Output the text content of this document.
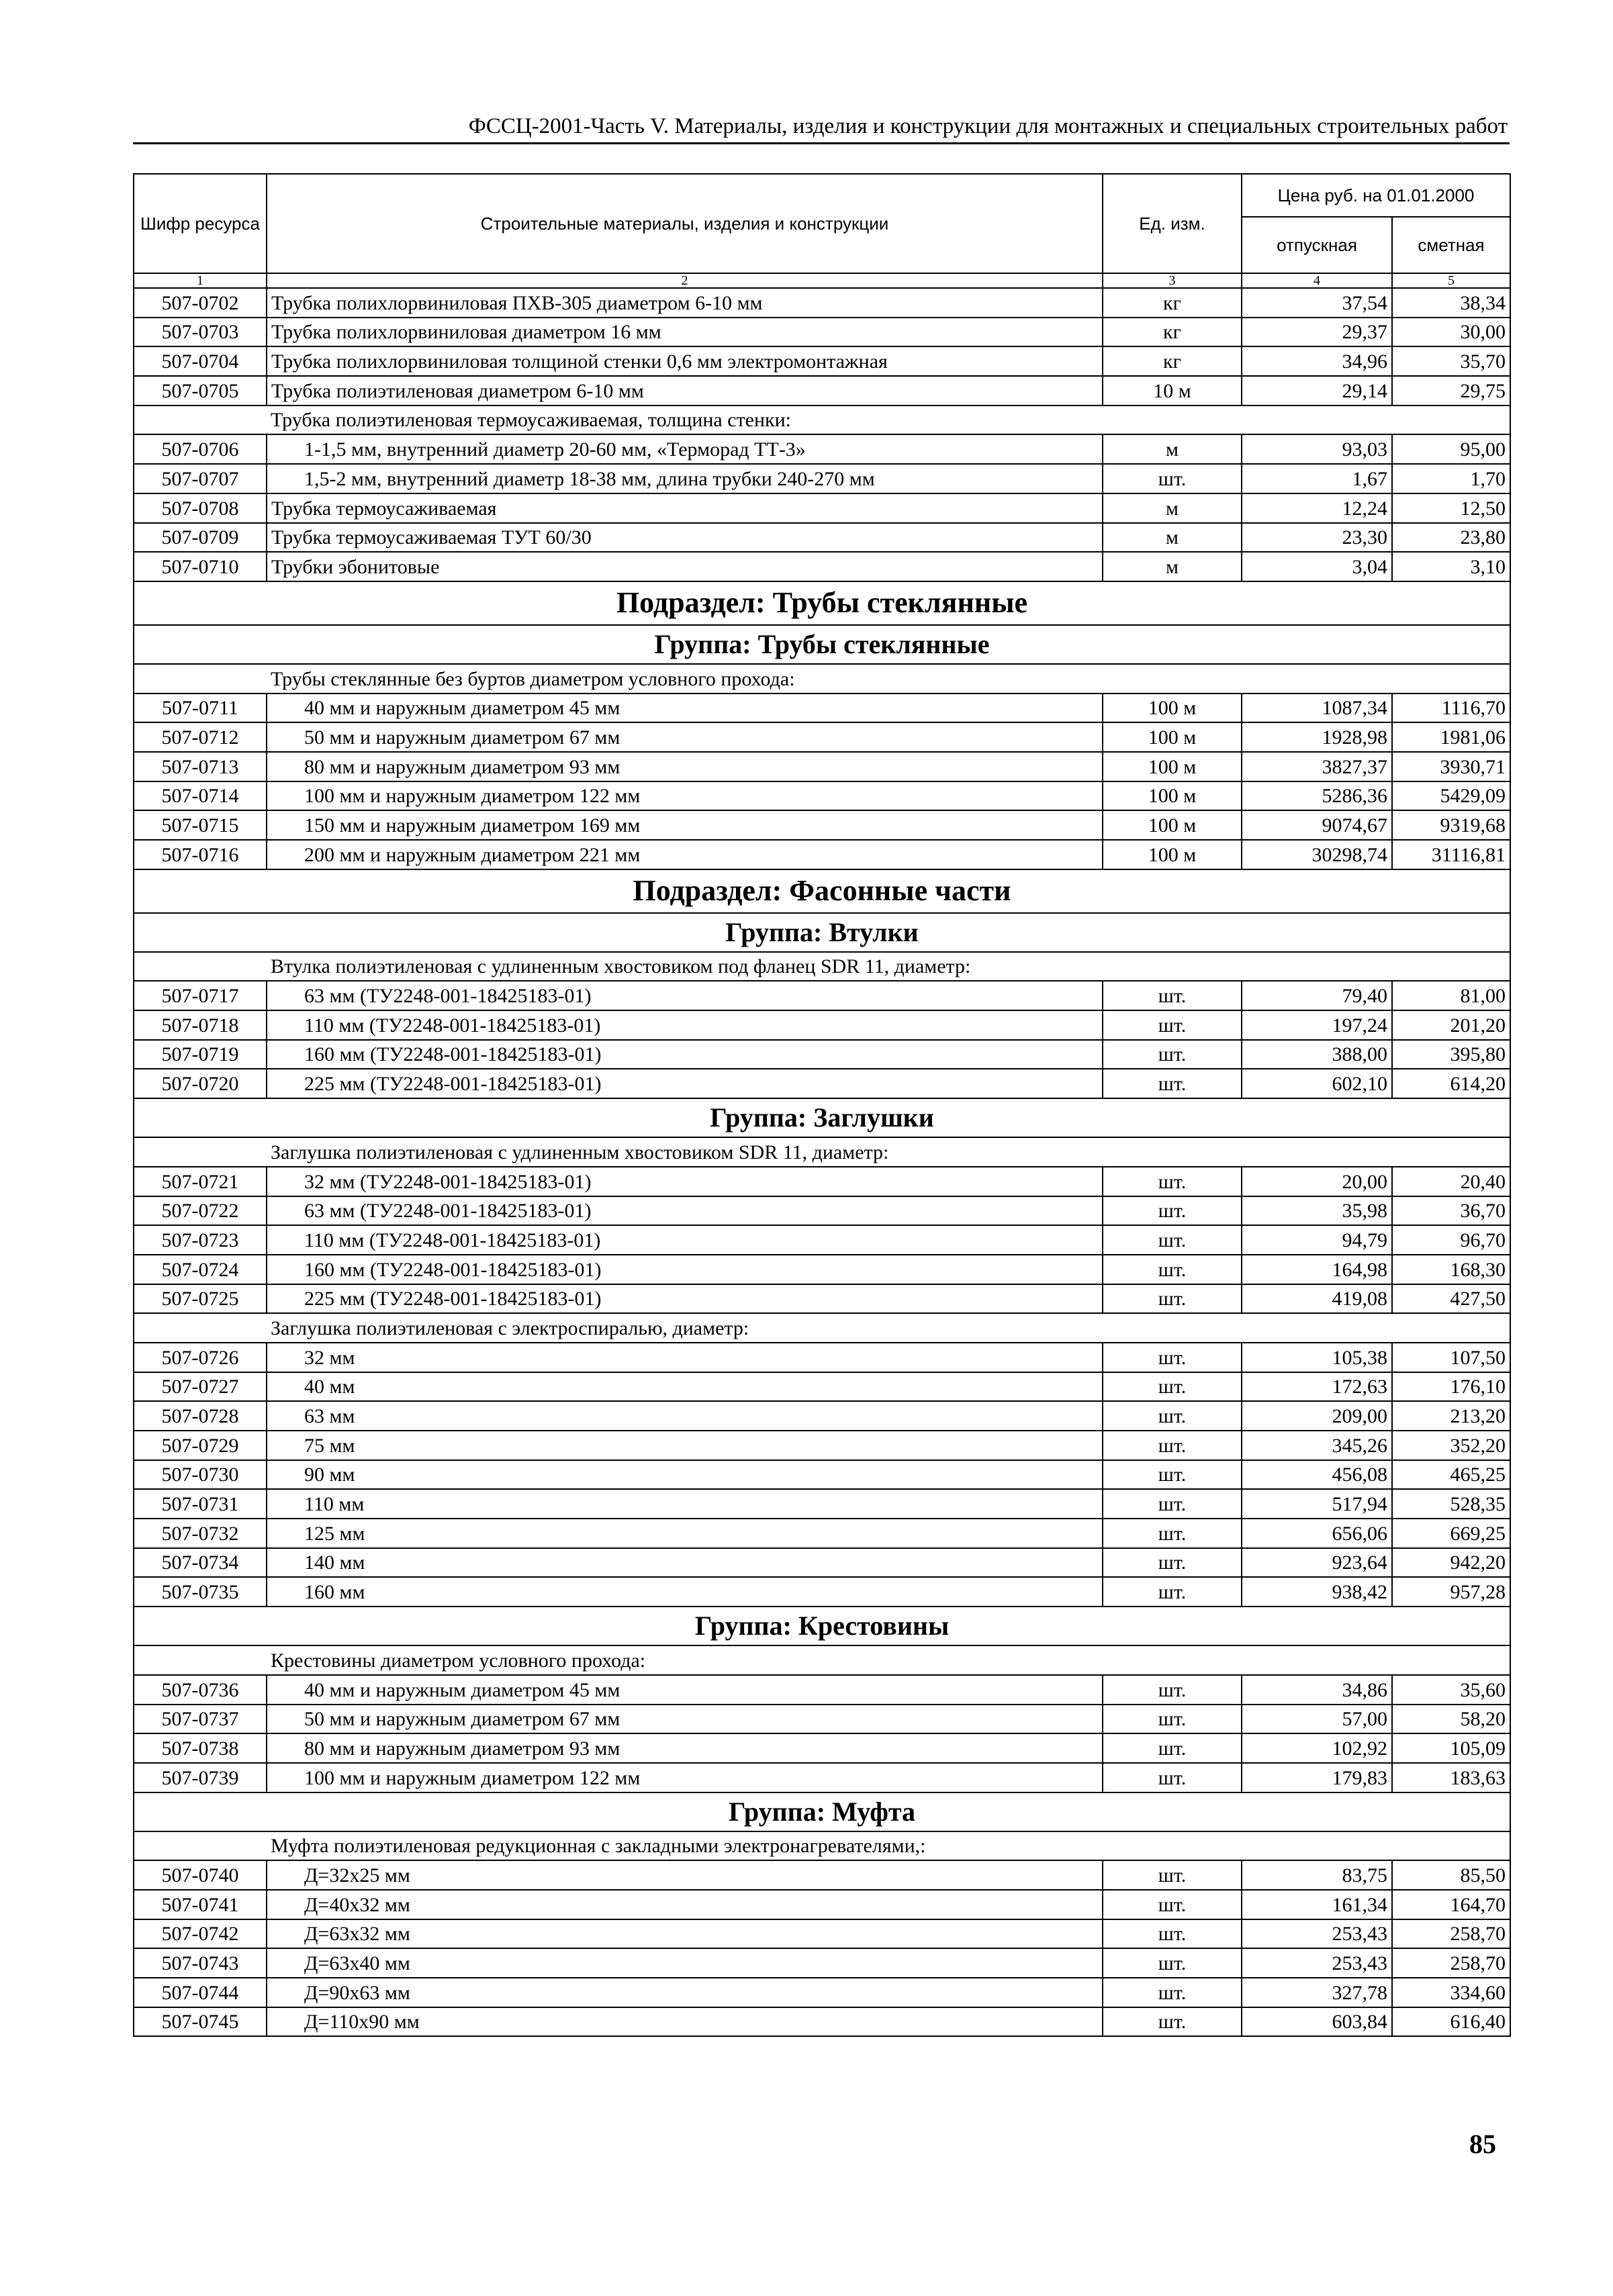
ФССЦ-2001-Часть V. Материалы, изделия и конструкции для монтажных и специальных строительных работ
Шифр ресурса	Строительные материалы, изделия и конструкции	Ед. изм.	Цена руб. на 01.01.2000	
			отпускная	сметная
1	2	3	4	5
507-0702	Трубка полихлорвиниловая ПХВ-305 диаметром 6-10 мм	кг	37,54	38,34
507-0703	Трубка полихлорвиниловая диаметром 16 мм	кг	29,37	30,00
507-0704	Трубка полихлорвиниловая толщиной стенки 0,6 мм электромонтажная	кг	34,96	35,70
507-0705	Трубка полиэтиленовая диаметром 6-10 мм	10 м	29,14	29,75
Трубка полиэтиленовая термоусаживаемая, толщина стенки:				
507-0706	1-1,5 мм, внутренний диаметр 20-60 мм, «Терморад ТТ-3»	м	93,03	95,00
507-0707	1,5-2 мм, внутренний диаметр 18-38 мм, длина трубки 240-270 мм	шт.	1,67	1,70
507-0708	Трубка термоусаживаемая	м	12,24	12,50
507-0709	Трубка термоусаживаемая ТУТ 60/30	м	23,30	23,80
507-0710	Трубки эбонитовые	м	3,04	3,10
Подраздел: Трубы стеклянные				
Группа: Трубы стеклянные				
Трубы стеклянные без буртов диаметром условного прохода:				
507-0711	40 мм и наружным диаметром 45 мм	100 м	1087,34	1116,70
507-0712	50 мм и наружным диаметром 67 мм	100 м	1928,98	1981,06
507-0713	80 мм и наружным диаметром 93 мм	100 м	3827,37	3930,71
507-0714	100 мм и наружным диаметром 122 мм	100 м	5286,36	5429,09
507-0715	150 мм и наружным диаметром 169 мм	100 м	9074,67	9319,68
507-0716	200 мм и наружным диаметром 221 мм	100 м	30298,74	31116,81
Подраздел: Фасонные части				
Группа: Втулки				
Втулка полиэтиленовая с удлиненным хвостовиком под фланец SDR 11, диаметр:				
507-0717	63 мм (ТУ2248-001-18425183-01)	шт.	79,40	81,00
507-0718	110 мм (ТУ2248-001-18425183-01)	шт.	197,24	201,20
507-0719	160 мм (ТУ2248-001-18425183-01)	шт.	388,00	395,80
507-0720	225 мм (ТУ2248-001-18425183-01)	шт.	602,10	614,20
Группа: Заглушки				
Заглушка полиэтиленовая с удлиненным хвостовиком SDR 11, диаметр:				
507-0721	32 мм (ТУ2248-001-18425183-01)	шт.	20,00	20,40
507-0722	63 мм (ТУ2248-001-18425183-01)	шт.	35,98	36,70
507-0723	110 мм (ТУ2248-001-18425183-01)	шт.	94,79	96,70
507-0724	160 мм (ТУ2248-001-18425183-01)	шт.	164,98	168,30
507-0725	225 мм (ТУ2248-001-18425183-01)	шт.	419,08	427,50
Заглушка полиэтиленовая с электроспиралью, диаметр:				
507-0726	32 мм	шт.	105,38	107,50
507-0727	40 мм	шт.	172,63	176,10
507-0728	63 мм	шт.	209,00	213,20
507-0729	75 мм	шт.	345,26	352,20
507-0730	90 мм	шт.	456,08	465,25
507-0731	110 мм	шт.	517,94	528,35
507-0732	125 мм	шт.	656,06	669,25
507-0734	140 мм	шт.	923,64	942,20
507-0735	160 мм	шт.	938,42	957,28
Группа: Крестовины				
Крестовины диаметром условного прохода:				
507-0736	40 мм и наружным диаметром 45 мм	шт.	34,86	35,60
507-0737	50 мм и наружным диаметром 67 мм	шт.	57,00	58,20
507-0738	80 мм и наружным диаметром 93 мм	шт.	102,92	105,09
507-0739	100 мм и наружным диаметром 122 мм	шт.	179,83	183,63
Группа: Муфта				
Муфта полиэтиленовая редукционная с закладными электронагревателями,:				
507-0740	Д=32x25 мм	шт.	83,75	85,50
507-0741	Д=40x32 мм	шт.	161,34	164,70
507-0742	Д=63x32 мм	шт.	253,43	258,70
507-0743	Д=63x40 мм	шт.	253,43	258,70
507-0744	Д=90x63 мм	шт.	327,78	334,60
507-0745	Д=110x90 мм	шт.	603,84	616,40
85
